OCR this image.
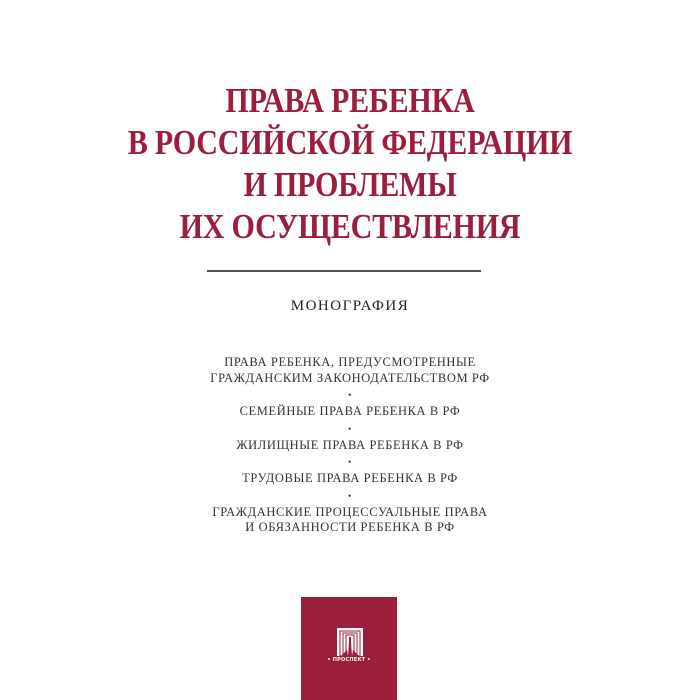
ПРАВА РЕБЕНКА
В РОССИЙСКОЙ ФЕДЕРАЦИИ
И ПРОБЛЕМЫ
ИХ ОСУЩЕСТВЛЕНИЯ
МОНОГРАФИЯ
ПРАВА РЕБЕНКА, ПРЕДУСМОТРЕННЫЕ
ГРАЖДАНСКИМ ЗАКОНОДАТЕЛЬСТВОМ РФ
•
СЕМЕЙНЫЕ ПРАВА РЕБЕНКА В РФ
•
ЖИЛИЩНЫЕ ПРАВА РЕБЕНКА В РФ
•
ТРУДОВЫЕ ПРАВА РЕБЕНКА В РФ
•
ГРАЖДАНСКИЕ ПРОЦЕССУАЛЬНЫЕ ПРАВА
И ОБЯЗАННОСТИ РЕБЕНКА В РФ
• ПРОСПЕКТ •
